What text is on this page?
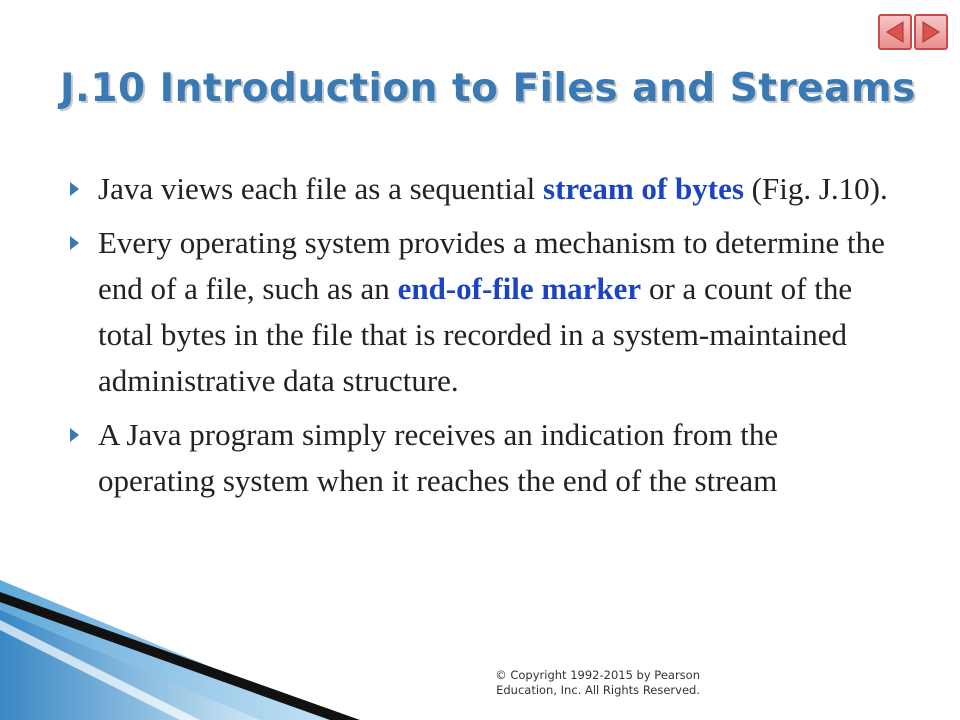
J.10 Introduction to Files and Streams
Java views each file as a sequential stream of bytes (Fig. J.10).
Every operating system provides a mechanism to determine the end of a file, such as an end-of-file marker or a count of the total bytes in the file that is recorded in a system-maintained administrative data structure.
A Java program simply receives an indication from the operating system when it reaches the end of the stream
© Copyright 1992-2015 by Pearson
Education, Inc. All Rights Reserved.
